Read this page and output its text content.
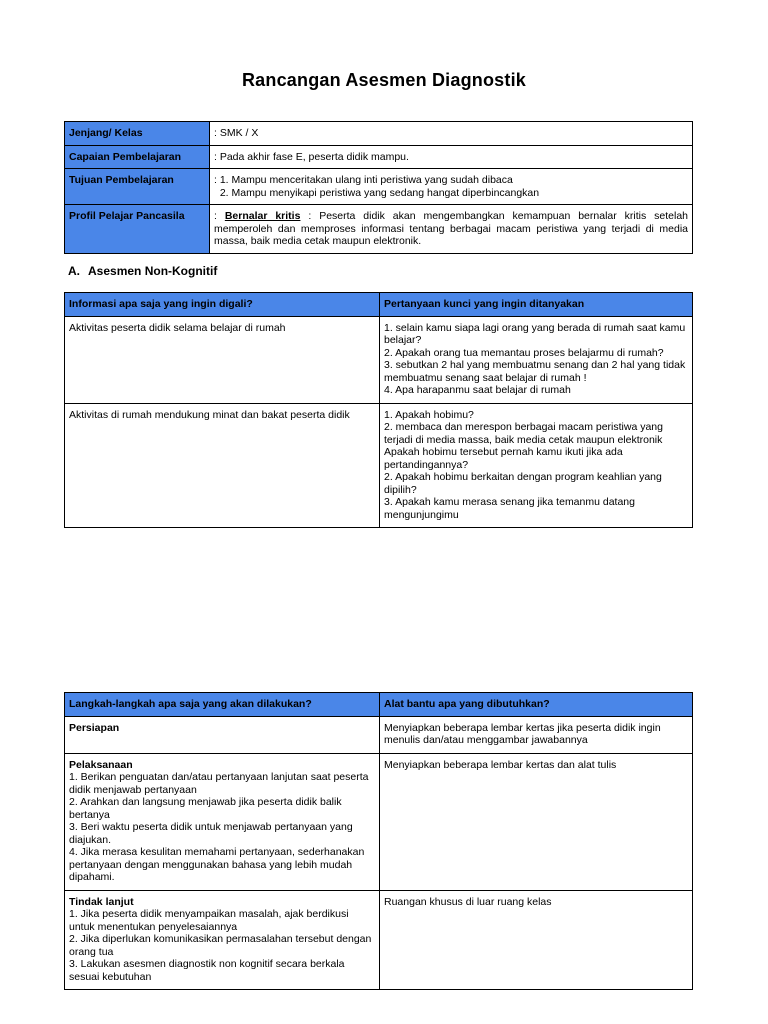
Rancangan Asesmen Diagnostik
Jenjang/ Kelas	: SMK / X
Capaian Pembelajaran	: Pada akhir fase E, peserta didik mampu.
Tujuan Pembelajaran	: 1. Mampu menceritakan ulang inti peristiwa yang sudah dibaca
2. Mampu menyikapi peristiwa yang sedang hangat diperbincangkan

Profil Pelajar Pancasila	: Bernalar kritis : Peserta didik akan mengembangkan kemampuan bernalar kritis setelah memperoleh dan memproses informasi tentang berbagai macam peristiwa yang terjadi di media massa, baik media cetak maupun elektronik.
A. Asesmen Non-Kognitif
Informasi apa saja yang ingin digali?	Pertanyaan kunci yang ingin ditanyakan
Aktivitas peserta didik selama belajar di rumah	1. selain kamu siapa lagi orang yang berada di rumah saat kamu belajar?
2. Apakah orang tua memantau proses belajarmu di rumah?
3. sebutkan 2 hal yang membuatmu senang dan 2 hal yang tidak membuatmu senang saat belajar di rumah !
4. Apa harapanmu saat belajar di rumah

Aktivitas di rumah mendukung minat dan bakat peserta didik	1. Apakah hobimu?
2. membaca dan merespon berbagai macam peristiwa yang terjadi di media massa, baik media cetak maupun elektronik Apakah hobimu tersebut pernah kamu ikuti jika ada pertandingannya?
2. Apakah hobimu berkaitan dengan program keahlian yang dipilih?
3. Apakah kamu merasa senang jika temanmu datang mengunjungimu
Langkah-langkah apa saja yang akan dilakukan?	Alat bantu apa yang dibutuhkan?

Persiapan	Menyiapkan beberapa lembar kertas jika peserta didik ingin menulis dan/atau menggambar jawabannya

Pelaksanaan
1. Berikan penguatan dan/atau pertanyaan lanjutan saat peserta didik menjawab pertanyaan
2. Arahkan dan langsung menjawab jika peserta didik balik bertanya
3. Beri waktu peserta didik untuk menjawab pertanyaan yang diajukan.
4. Jika merasa kesulitan memahami pertanyaan, sederhanakan pertanyaan dengan menggunakan bahasa yang lebih mudah dipahami.	Menyiapkan beberapa lembar kertas dan alat tulis

Tindak lanjut
1. Jika peserta didik menyampaikan masalah, ajak berdikusi untuk menentukan penyelesaiannya
2. Jika diperlukan komunikasikan permasalahan tersebut dengan orang tua
3. Lakukan asesmen diagnostik non kognitif secara berkala sesuai kebutuhan	Ruangan khusus di luar ruang kelas
